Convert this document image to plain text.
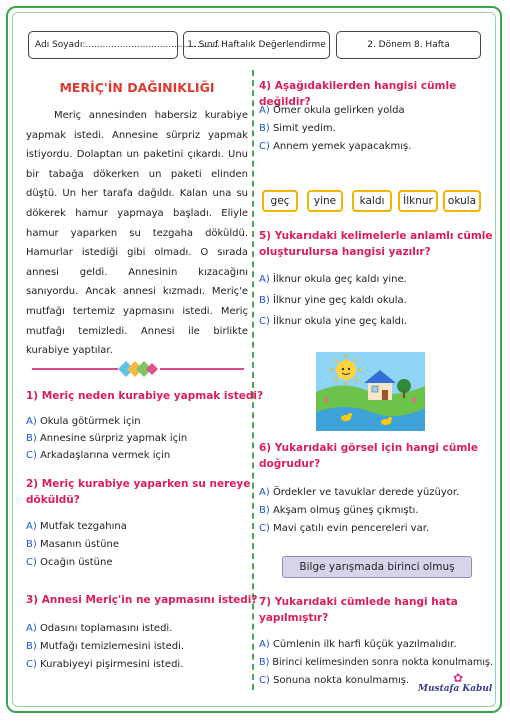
Adı Soyadı:...............................................
1. Sınıf Haftalık Değerlendirme	2. Dönem 8. Hafta
MERİÇ'İN DAĞINIKLIĞI

Meriç annesinden habersiz kurabiye yapmak istedi. Annesine sürpriz yapmak istiyordu. Dolaptan un paketini çıkardı. Unu bir tabağa dökerken un paketi elinden düştü. Un her tarafa dağıldı. Kalan una su dökerek hamur yapmaya başladı. Eliyle hamur yaparken su tezgaha döküldü. Hamurlar istediği gibi olmadı. O sırada annesi geldi. Annesinin kızacağını sanıyordu. Ancak annesi kızmadı. Meriç'e mutfağı tertemiz yapmasını istedi. Meriç mutfağı temizledi. Annesi ile birlikte kurabiye yaptılar.

1) Meriç neden kurabiye yapmak istedi?
A) Okula götürmek için
B) Annesine sürpriz yapmak için
C) Arkadaşlarına vermek için
2) Meriç kurabiye yaparken su nereye
döküldü?
A) Mutfak tezgahına
B) Masanın üstüne
C) Ocağın üstüne
3) Annesi Meriç'in ne yapmasını istedi?
A) Odasını toplamasını istedi.
B) Mutfağı temizlemesini istedi.
C) Kurabiyeyi pişirmesini istedi.
4) Aşağıdakilerden hangisi cümle değildir?
A) Ömer okula gelirken yolda
B) Simit yedim.
C) Annem yemek yapacakmış.
geç	yine	kaldı	İlknur	okula
5) Yukarıdaki kelimelerle anlamlı cümle
oluşturulursa hangisi yazılır?
A) İlknur okula geç kaldı yine.
B) İlknur yine geç kaldı okula.
C) İlknur okula yine geç kaldı.
6) Yukarıdaki görsel için hangi cümle
doğrudur?
A) Ördekler ve tavuklar derede yüzüyor.
B) Akşam olmuş güneş çıkmıştı.
C) Mavi çatılı evin pencereleri var.
Bilge yarışmada birinci olmuş
7) Yukarıdaki cümlede hangi hata
yapılmıştır?
A) Cümlenin ilk harfi küçük yazılmalıdır.
B) Birinci kelimesinden sonra nokta konulmamış.
C) Sonuna nokta konulmamış.	✿
Mustafa Kabul
